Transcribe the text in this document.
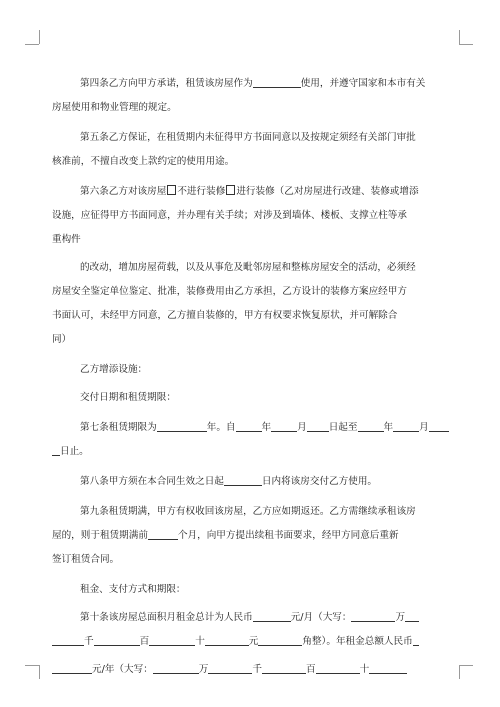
第四条乙方向甲方承诺，租赁该房屋作为	使用，并遵守国家和本市有关
房屋使用和物业管理的规定。
第五条乙方保证，在租赁期内未征得甲方书面同意以及按规定须经有关部门审批
核准前，不擅自改变上款约定的使用用途。
第六条乙方对该房屋 不进行装修 进行装修（乙对房屋进行改建、装修或增添
设施，应征得甲方书面同意，并办理有关手续；对涉及到墙体、楼板、支撑立柱等承
重构件
的改动，增加房屋荷载，以及从事危及毗邻房屋和整栋房屋安全的活动，必须经
房屋安全鉴定单位鉴定、批准，装修费用由乙方承担，乙方设计的装修方案应经甲方
书面认可，未经甲方同意，乙方擅自装修的，甲方有权要求恢复原状，并可解除合
同）
乙方增添设施：
交付日期和租赁期限：
第七条租赁期限为	年。自	年	月 日起至	年	月
日止。
第八条甲方须在本合同生效之日起	日内将该房交付乙方使用。
第九条租赁期满，甲方有权收回该房屋，乙方应如期返还。乙方需继续承租该房
屋的，则于租赁期满前	个月，向甲方提出续租书面要求，经甲方同意后重新
签订租赁合同。
租金、支付方式和期限：
第十条该房屋总面积月租金总计为人民币	元/月（大写：	万
千	百	十	元	角整）。年租金总额人民币
元/年（大写：	万	千	百	十
